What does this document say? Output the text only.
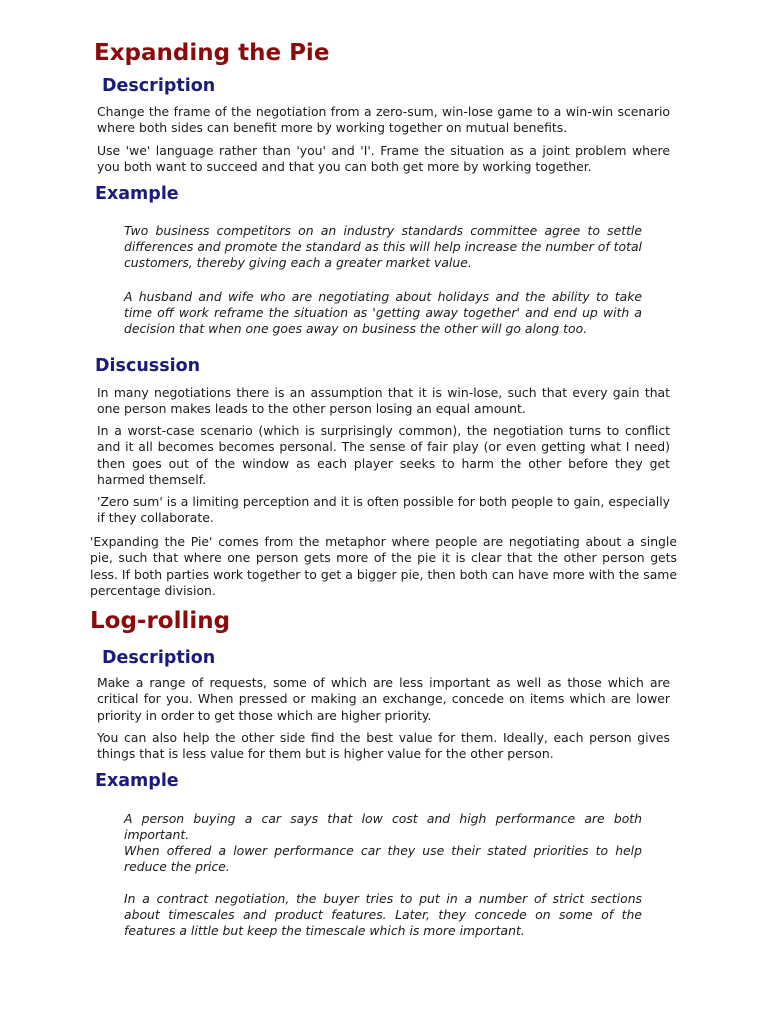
Expanding the Pie
Description

Change the frame of the negotiation from a zero-sum, win-lose game to a win-win scenario where both sides can benefit more by working together on mutual benefits.

Use 'we' language rather than 'you' and 'I'. Frame the situation as a joint problem where you both want to succeed and that you can both get more by working together.

Example

Two business competitors on an industry standards committee agree to settle differences and promote the standard as this will help increase the number of total customers, thereby giving each a greater market value.

A husband and wife who are negotiating about holidays and the ability to take time off work reframe the situation as 'getting away together' and end up with a decision that when one goes away on business the other will go along too.

Discussion

In many negotiations there is an assumption that it is win-lose, such that every gain that one person makes leads to the other person losing an equal amount.

In a worst-case scenario (which is surprisingly common), the negotiation turns to conflict and it all becomes becomes personal. The sense of fair play (or even getting what I need) then goes out of the window as each player seeks to harm the other before they get harmed themself.

'Zero sum' is a limiting perception and it is often possible for both people to gain, especially if they collaborate.

'Expanding the Pie' comes from the metaphor where people are negotiating about a single pie, such that where one person gets more of the pie it is clear that the other person gets less. If both parties work together to get a bigger pie, then both can have more with the same percentage division.

Log-rolling
Description

Make a range of requests, some of which are less important as well as those which are critical for you. When pressed or making an exchange, concede on items which are lower priority in order to get those which are higher priority.

You can also help the other side find the best value for them. Ideally, each person gives things that is less value for them but is higher value for the other person.

Example
A person buying a car says that low cost and high performance are both important.
When offered a lower performance car they use their stated priorities to help reduce the price.

In a contract negotiation, the buyer tries to put in a number of strict sections about timescales and product features. Later, they concede on some of the features a little but keep the timescale which is more important.
